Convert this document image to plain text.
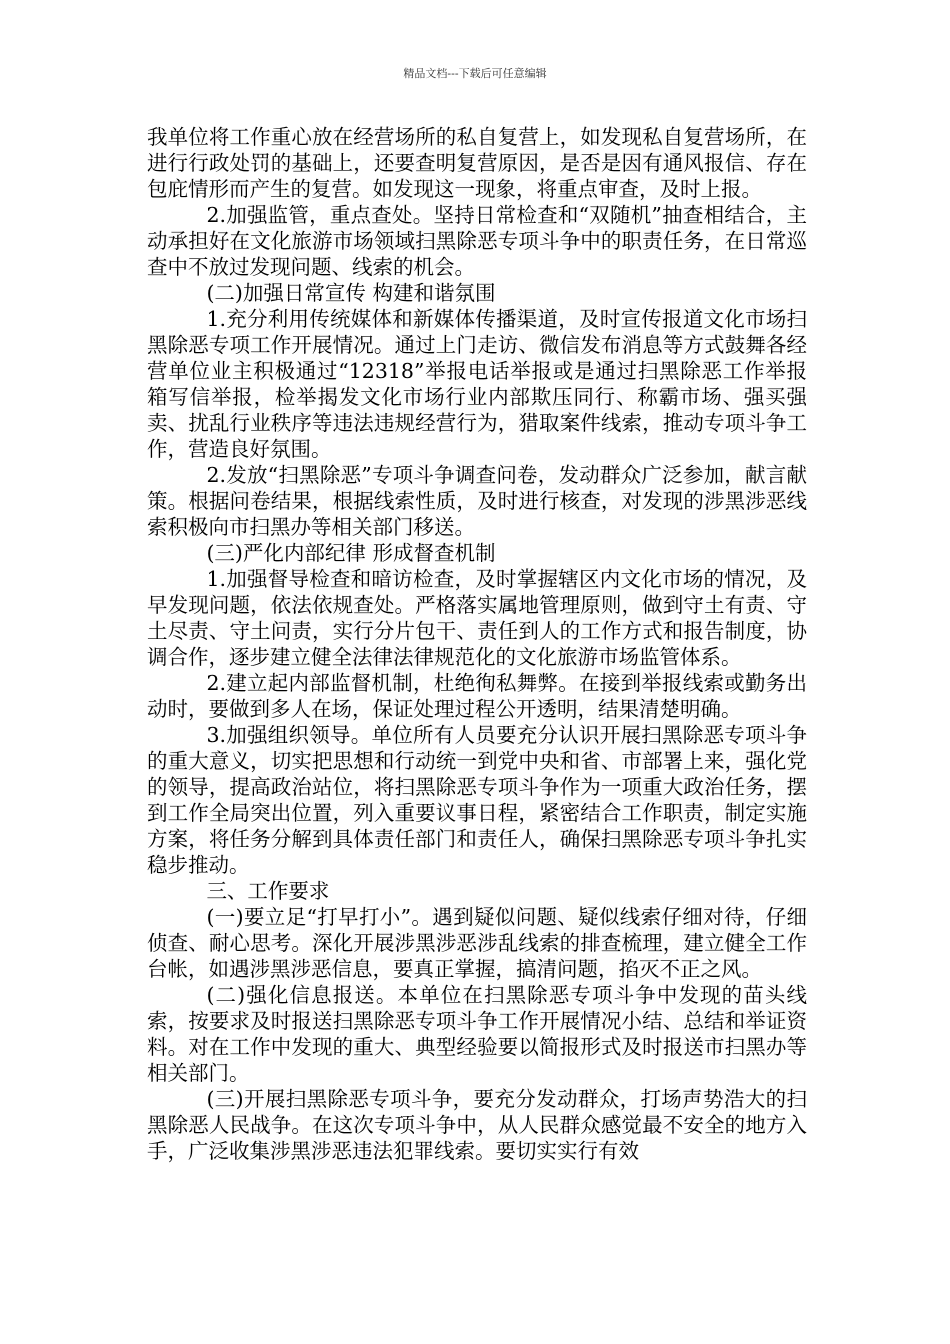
精品文档---下载后可任意编辑

我单位将工作重心放在经营场所的私自复营上，如发现私自复营场所，在进行行政处罚的基础上，还要查明复营原因，是否是因有通风报信、存在包庇情形而产生的复营。如发现这一现象，将重点审查，及时上报。

2.加强监管，重点查处。坚持日常检查和“双随机”抽查相结合，主动承担好在文化旅游市场领域扫黑除恶专项斗争中的职责任务，在日常巡查中不放过发现问题、线索的机会。

(二)加强日常宣传 构建和谐氛围

1.充分利用传统媒体和新媒体传播渠道，及时宣传报道文化市场扫黑除恶专项工作开展情况。通过上门走访、微信发布消息等方式鼓舞各经营单位业主积极通过“12318”举报电话举报或是通过扫黑除恶工作举报箱写信举报，检举揭发文化市场行业内部欺压同行、称霸市场、强买强卖、扰乱行业秩序等违法违规经营行为，猎取案件线索，推动专项斗争工作，营造良好氛围。

2.发放“扫黑除恶”专项斗争调查问卷，发动群众广泛参加，献言献策。根据问卷结果，根据线索性质，及时进行核查，对发现的涉黑涉恶线索积极向市扫黑办等相关部门移送。

(三)严化内部纪律 形成督查机制

1.加强督导检查和暗访检查，及时掌握辖区内文化市场的情况，及早发现问题，依法依规查处。严格落实属地管理原则，做到守土有责、守土尽责、守土问责，实行分片包干、责任到人的工作方式和报告制度，协调合作，逐步建立健全法律法律规范化的文化旅游市场监管体系。

2.建立起内部监督机制，杜绝徇私舞弊。在接到举报线索或勤务出动时，要做到多人在场，保证处理过程公开透明，结果清楚明确。

3.加强组织领导。单位所有人员要充分认识开展扫黑除恶专项斗争的重大意义，切实把思想和行动统一到党中央和省、市部署上来，强化党的领导，提高政治站位，将扫黑除恶专项斗争作为一项重大政治任务，摆到工作全局突出位置，列入重要议事日程，紧密结合工作职责，制定实施方案，将任务分解到具体责任部门和责任人，确保扫黑除恶专项斗争扎实稳步推动。

三、工作要求

(一)要立足“打早打小”。遇到疑似问题、疑似线索仔细对待，仔细侦查、耐心思考。深化开展涉黑涉恶涉乱线索的排查梳理，建立健全工作台帐，如遇涉黑涉恶信息，要真正掌握，搞清问题，掐灭不正之风。

(二)强化信息报送。本单位在扫黑除恶专项斗争中发现的苗头线索，按要求及时报送扫黑除恶专项斗争工作开展情况小结、总结和举证资料。对在工作中发现的重大、典型经验要以简报形式及时报送市扫黑办等相关部门。

(三)开展扫黑除恶专项斗争，要充分发动群众，打场声势浩大的扫黑除恶人民战争。在这次专项斗争中，从人民群众感觉最不安全的地方入手，广泛收集涉黑涉恶违法犯罪线索。要切实实行有效
